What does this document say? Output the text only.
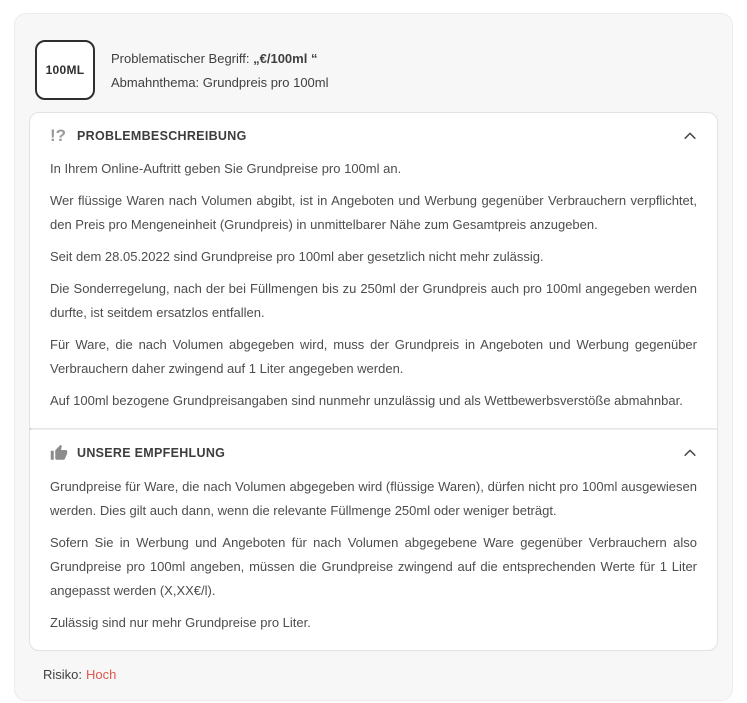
100ML

Problematischer Begriff: „€/100ml “

Abmahnthema: Grundpreis pro 100ml

!? PROBLEMBESCHREIBUNG

In Ihrem Online-Auftritt geben Sie Grundpreise pro 100ml an.

Wer flüssige Waren nach Volumen abgibt, ist in Angeboten und Werbung gegenüber Verbrauchern verpflichtet, den Preis pro Mengeneinheit (Grundpreis) in unmittelbarer Nähe zum Gesamtpreis anzugeben.

Seit dem 28.05.2022 sind Grundpreise pro 100ml aber gesetzlich nicht mehr zulässig.

Die Sonderregelung, nach der bei Füllmengen bis zu 250ml der Grundpreis auch pro 100ml angegeben werden durfte, ist seitdem ersatzlos entfallen.

Für Ware, die nach Volumen abgegeben wird, muss der Grundpreis in Angeboten und Werbung gegenüber Verbrauchern daher zwingend auf 1 Liter angegeben werden.

Auf 100ml bezogene Grundpreisangaben sind nunmehr unzulässig und als Wettbewerbsverstöße abmahnbar.

UNSERE EMPFEHLUNG

Grundpreise für Ware, die nach Volumen abgegeben wird (flüssige Waren), dürfen nicht pro 100ml ausgewiesen werden. Dies gilt auch dann, wenn die relevante Füllmenge 250ml oder weniger beträgt.

Sofern Sie in Werbung und Angeboten für nach Volumen abgegebene Ware gegenüber Verbrauchern also Grundpreise pro 100ml angeben, müssen die Grundpreise zwingend auf die entsprechenden Werte für 1 Liter angepasst werden (X,XX€/l).

Zulässig sind nur mehr Grundpreise pro Liter.

Risiko: Hoch
